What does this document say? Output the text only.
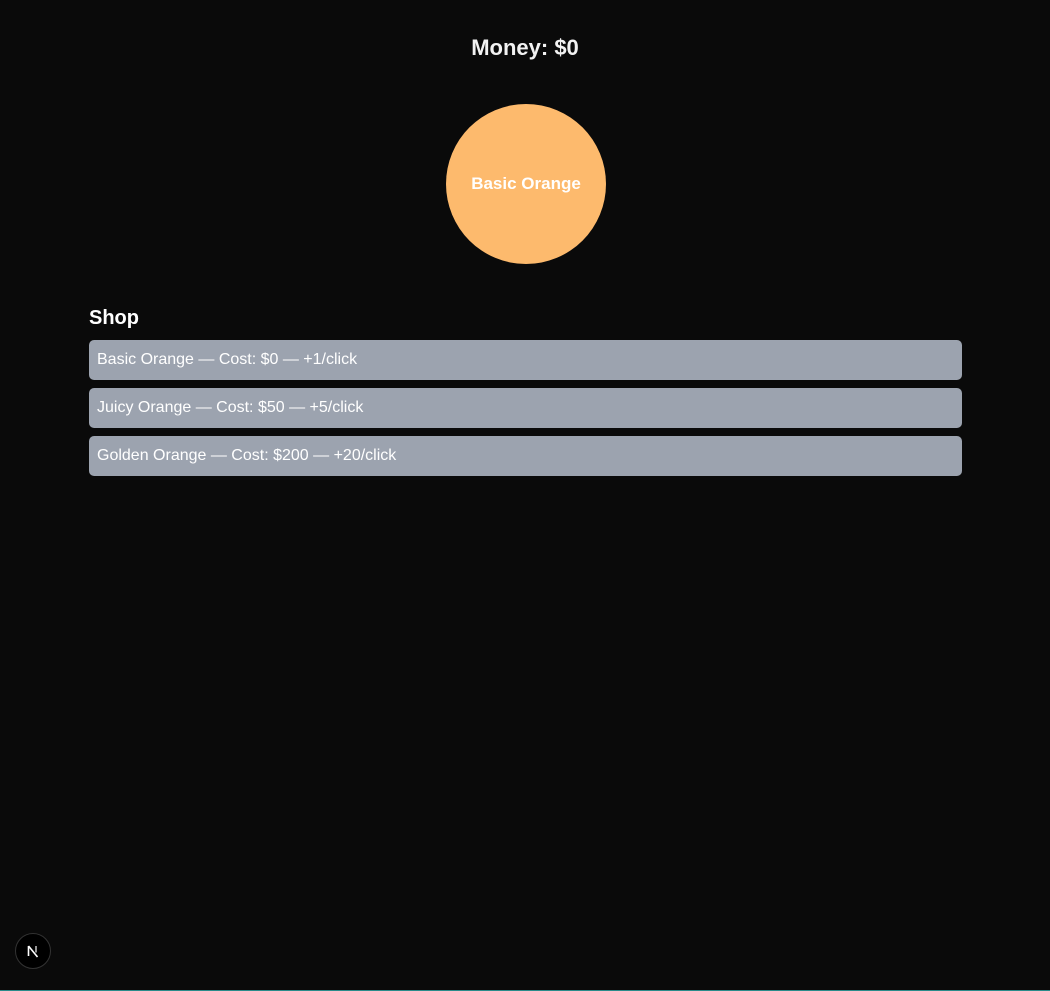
Money: $0
Basic Orange
Shop
Basic Orange — Cost: $0 — +1/click
Juicy Orange — Cost: $50 — +5/click
Golden Orange — Cost: $200 — +20/click
